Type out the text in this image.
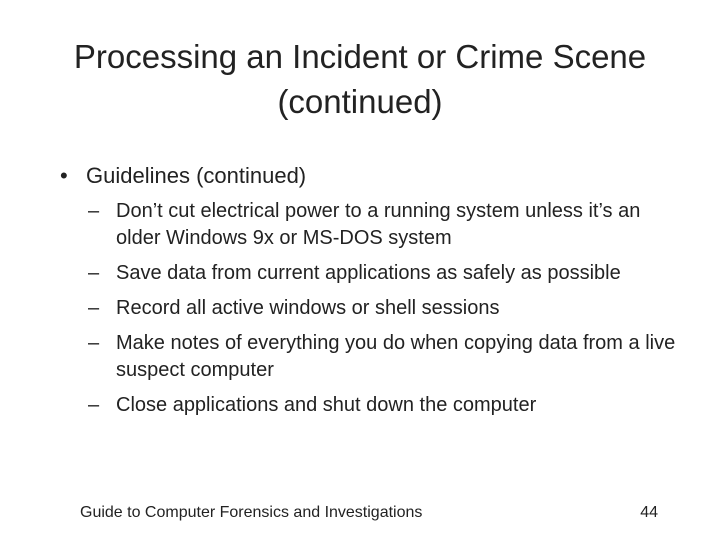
Processing an Incident or Crime Scene
(continued)
• Guidelines (continued)
– Don’t cut electrical power to a running system unless it’s an older Windows 9x or MS-DOS system
– Save data from current applications as safely as possible
– Record all active windows or shell sessions
– Make notes of everything you do when copying data from a live suspect computer
– Close applications and shut down the computer
Guide to Computer Forensics and Investigations	44
